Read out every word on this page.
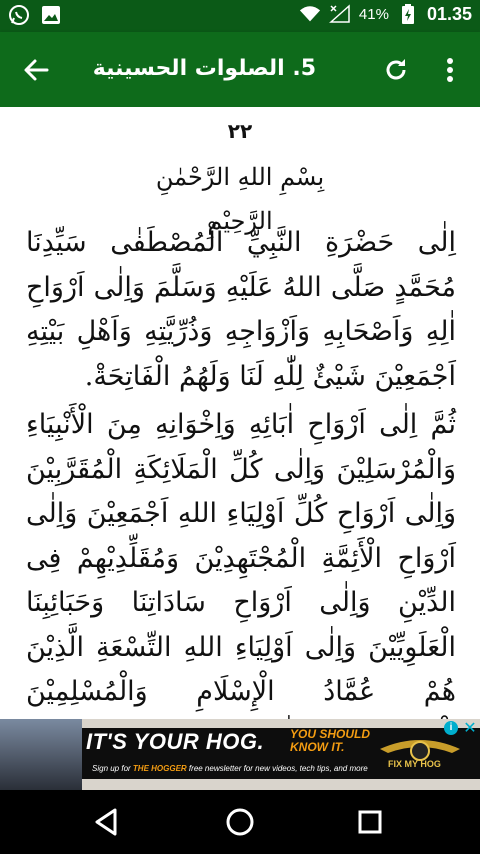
41% 01.35
5. الصلوات الحسينية
٢٢
بِسْمِ اللهِ الرَّحْمٰنِ الرَّحِيْمِ
اِلٰى حَضْرَةِ النَّبِيِّ الْمُصْطَفٰى سَيِّدِنَا مُحَمَّدٍ صَلَّى اللهُ عَلَيْهِ وَسَلَّمَ وَاِلٰى اَرْوَاحِ اٰلِهِ وَاَصْحَابِهِ وَاَزْوَاجِهِ وَذُرِّيَّتِهِ وَاَهْلِ بَيْتِهِ اَجْمَعِيْنَ شَيْئٌ لِلّٰهِ لَنَا وَلَهُمُ الْفَاتِحَةْ.
ثُمَّ اِلٰى اَرْوَاحِ اٰبَائِهِ وَاِخْوَانِهِ مِنَ الْأَنْبِيَاءِ وَالْمُرْسَلِيْنَ وَاِلٰى كُلِّ الْمَلَائِكَةِ الْمُقَرَّبِيْنَ وَاِلٰى اَرْوَاحِ كُلِّ اَوْلِيَاءِ اللهِ اَجْمَعِيْنَ وَاِلٰى اَرْوَاحِ الْأَئِمَّةِ الْمُجْتَهِدِيْنَ وَمُقَلِّدِيْهِمْ فِى الدِّيْنِ وَاِلٰى اَرْوَاحِ سَادَاتِنَا وَحَبَائِبِنَا الْعَلَوِيِّيْنَ وَاِلٰى اَوْلِيَاءِ اللهِ التِّسْعَةِ الَّذِيْنَ هُمْ عُمَّادُ الْإِسْلَامِ وَالْمُسْلِمِيْنَ
IT'S YOUR HOG. YOU SHOULD KNOW IT.
Sign up for THE HOGGER free newsletter for new videos, tech tips, and more FIX MY HOG
i ✕
